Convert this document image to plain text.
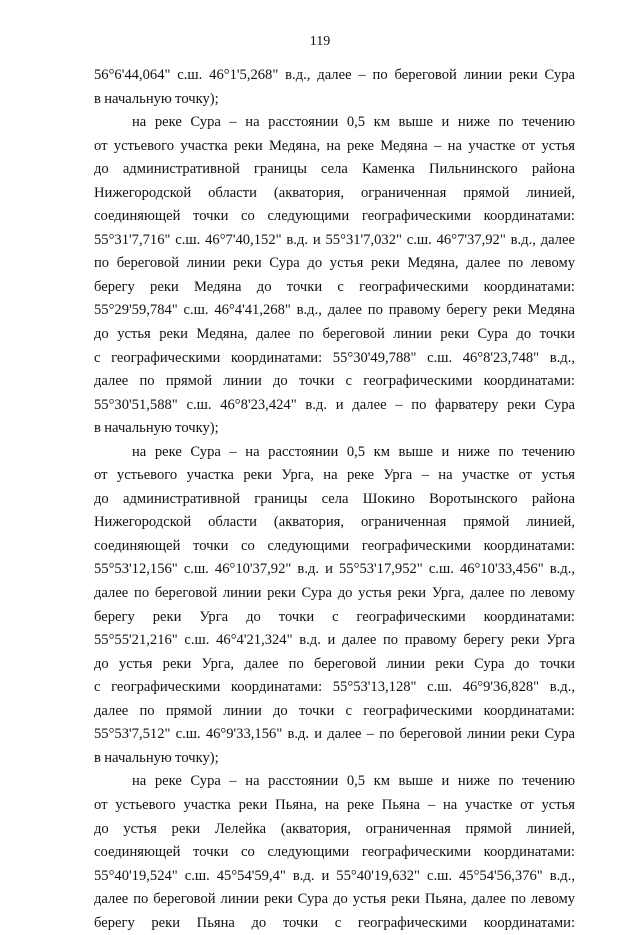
119
56°6'44,064" с.ш. 46°1'5,268" в.д., далее – по береговой линии реки Сура
в начальную точку);
на реке Сура – на расстоянии 0,5 км выше и ниже по течению
от устьевого участка реки Медяна, на реке Медяна – на участке от устья
до административной границы села Каменка Пильнинского района
Нижегородской области (акватория, ограниченная прямой линией,
соединяющей точки со следующими географическими координатами:
55°31'7,716" с.ш. 46°7'40,152" в.д. и 55°31'7,032" с.ш. 46°7'37,92" в.д., далее
по береговой линии реки Сура до устья реки Медяна, далее по левому
берегу реки Медяна до точки с географическими координатами:
55°29'59,784" с.ш. 46°4'41,268" в.д., далее по правому берегу реки Медяна
до устья реки Медяна, далее по береговой линии реки Сура до точки
с географическими координатами: 55°30'49,788" с.ш. 46°8'23,748" в.д.,
далее по прямой линии до точки с географическими координатами:
55°30'51,588" с.ш. 46°8'23,424" в.д. и далее – по фарватеру реки Сура
в начальную точку);
на реке Сура – на расстоянии 0,5 км выше и ниже по течению
от устьевого участка реки Урга, на реке Урга – на участке от устья
до административной границы села Шокино Воротынского района
Нижегородской области (акватория, ограниченная прямой линией,
соединяющей точки со следующими географическими координатами:
55°53'12,156" с.ш. 46°10'37,92" в.д. и 55°53'17,952" с.ш. 46°10'33,456" в.д.,
далее по береговой линии реки Сура до устья реки Урга, далее по левому
берегу реки Урга до точки с географическими координатами:
55°55'21,216" с.ш. 46°4'21,324" в.д. и далее по правому берегу реки Урга
до устья реки Урга, далее по береговой линии реки Сура до точки
с географическими координатами: 55°53'13,128" с.ш. 46°9'36,828" в.д.,
далее по прямой линии до точки с географическими координатами:
55°53'7,512" с.ш. 46°9'33,156" в.д. и далее – по береговой линии реки Сура
в начальную точку);
на реке Сура – на расстоянии 0,5 км выше и ниже по течению
от устьевого участка реки Пьяна, на реке Пьяна – на участке от устья
до устья реки Лелейка (акватория, ограниченная прямой линией,
соединяющей точки со следующими географическими координатами:
55°40'19,524" с.ш. 45°54'59,4" в.д. и 55°40'19,632" с.ш. 45°54'56,376" в.д.,
далее по береговой линии реки Сура до устья реки Пьяна, далее по левому
берегу реки Пьяна до точки с географическими координатами:
